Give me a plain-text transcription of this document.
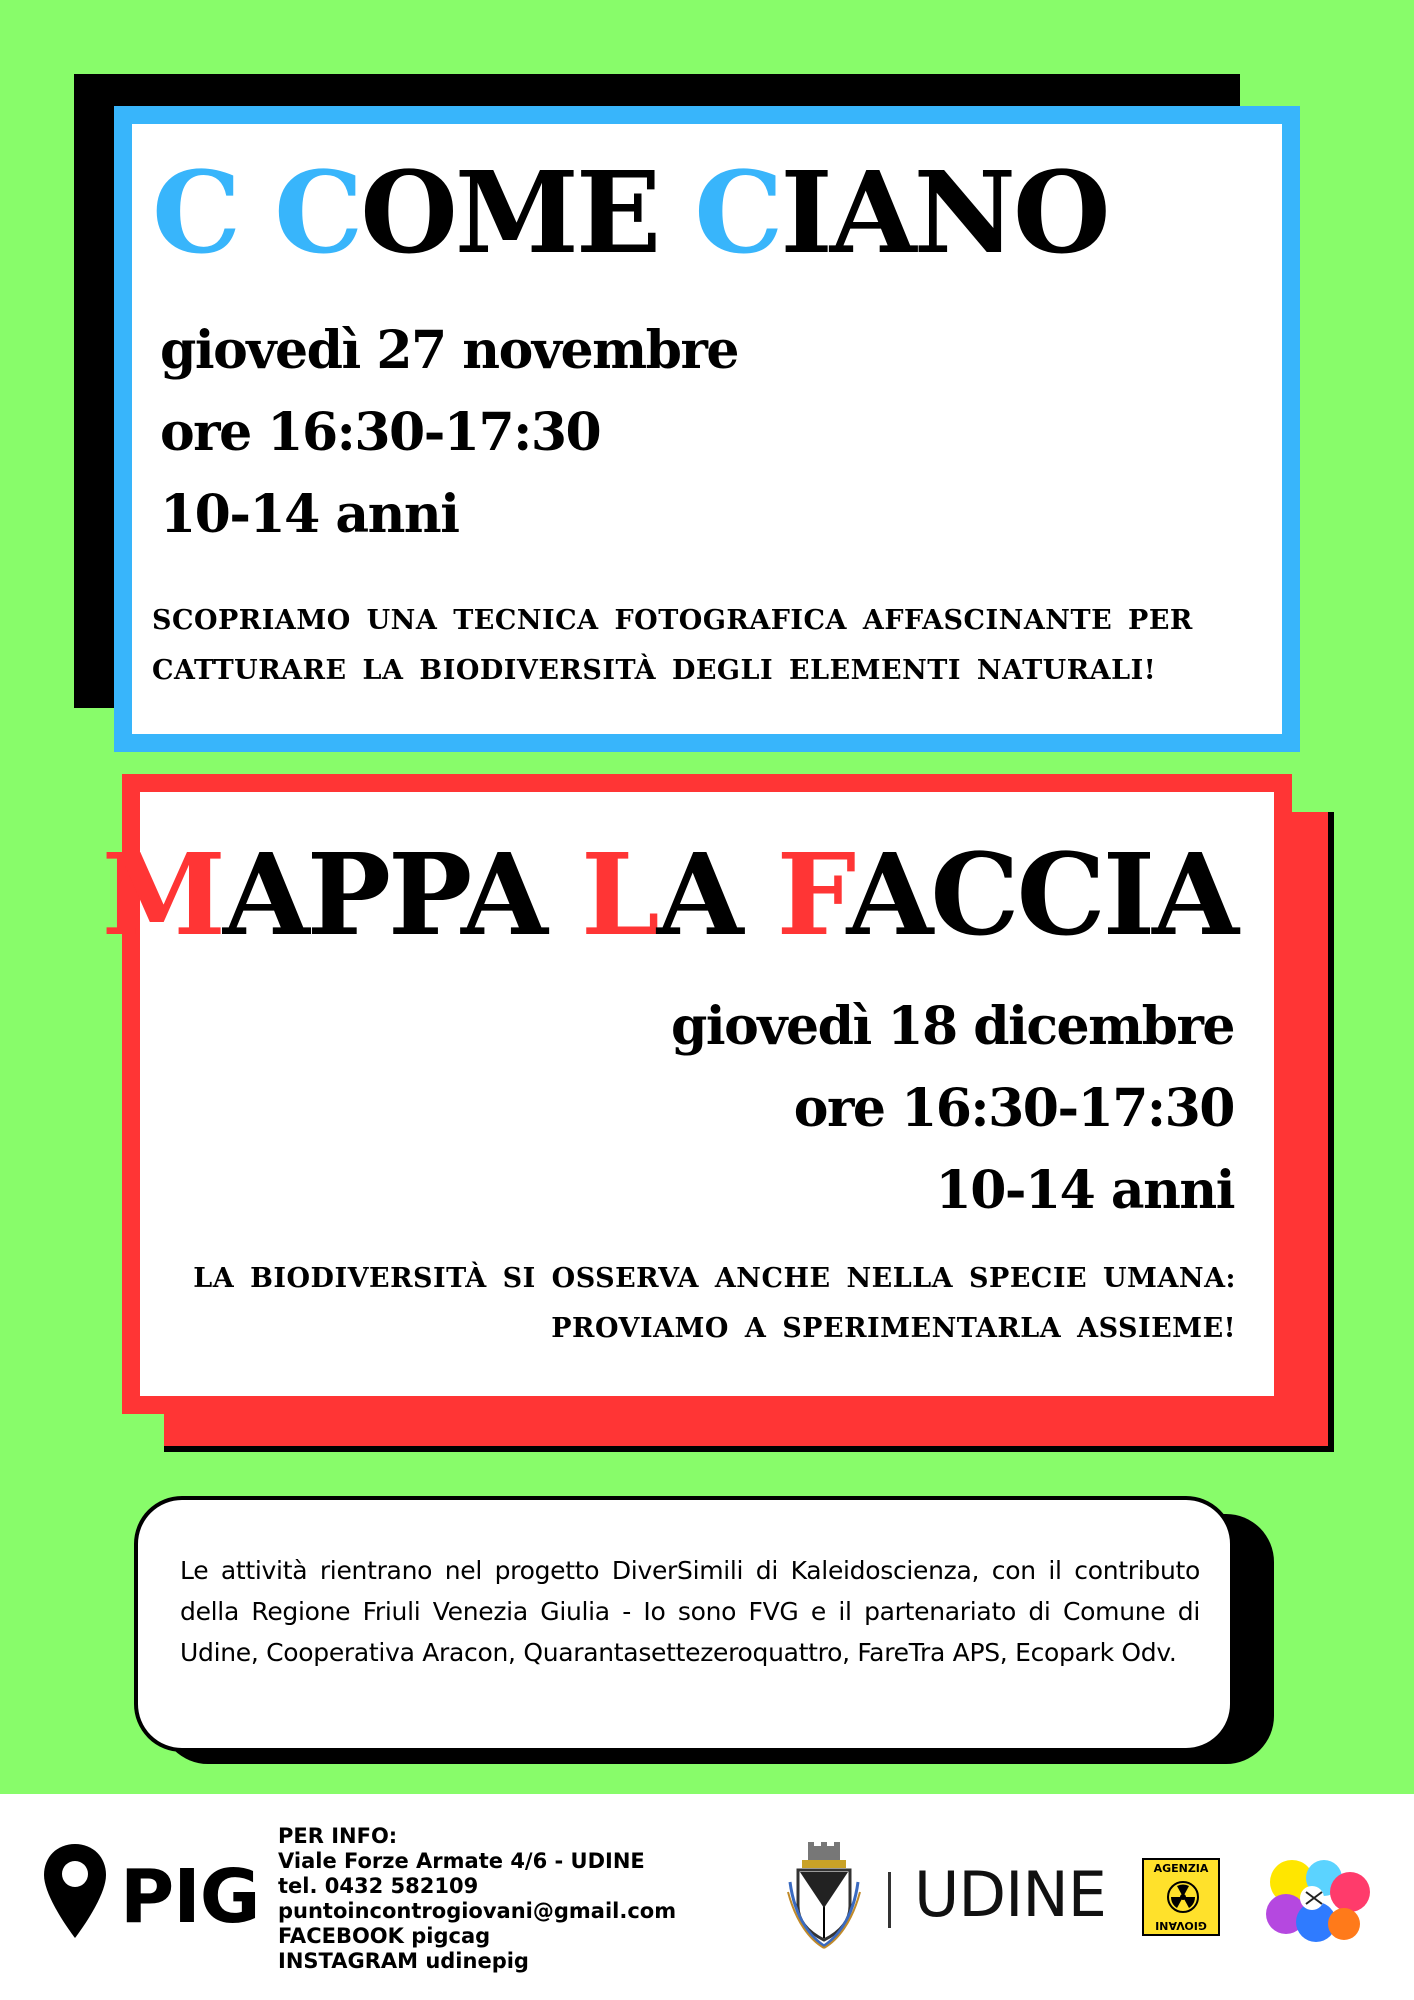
C COME CIANO
giovedì 27 novembre
ore 16:30-17:30
10-14 anni
SCOPRIAMO UNA TECNICA FOTOGRAFICA AFFASCINANTE PER
CATTURARE LA BIODIVERSITÀ DEGLI ELEMENTI NATURALI!
MAPPA LA FACCIA
giovedì 18 dicembre
ore 16:30-17:30
10-14 anni
LA BIODIVERSITÀ SI OSSERVA ANCHE NELLA SPECIE UMANA:
PROVIAMO A SPERIMENTARLA ASSIEME!
Le attività rientrano nel progetto DiverSimili di Kaleidoscienza, con il contributo della Regione Friuli Venezia Giulia - Io sono FVG e il partenariato di Comune di Udine, Cooperativa Aracon, Quarantasettezeroquattro, FareTra APS, Ecopark Odv.
PIG
PER INFO:
Viale Forze Armate 4/6 - UDINE
tel. 0432 582109
puntoincontrogiovani@gmail.com
FACEBOOK pigcag
INSTAGRAM udinepig
UDINE	AGENZIA
GIOVANI
